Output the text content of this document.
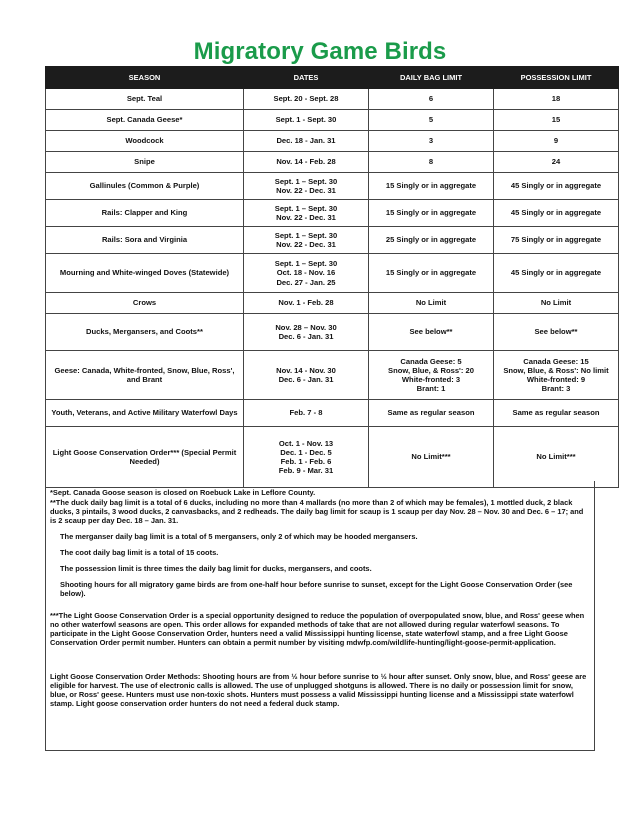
Migratory Game Birds
SEASON	DATES	DAILY BAG LIMIT	POSSESSION LIMIT
Sept. Teal	Sept. 20 - Sept. 28	6	18

Sept. Canada Geese*	Sept. 1 - Sept. 30	5	15

Woodcock	Dec. 18 - Jan. 31	3	9

Snipe	Nov. 14 - Feb. 28	8	24

Gallinules (Common & Purple)	Sept. 1 – Sept. 30
Nov. 22 - Dec. 31	15 Singly or in aggregate	45 Singly or in aggregate

Rails: Clapper and King	Sept. 1 – Sept. 30
Nov. 22 - Dec. 31	15 Singly or in aggregate	45 Singly or in aggregate

Rails: Sora and Virginia	Sept. 1 – Sept. 30
Nov. 22 - Dec. 31	25 Singly or in aggregate	75 Singly or in aggregate

Mourning and White-winged Doves (Statewide)	Sept. 1 – Sept. 30
Oct. 18 - Nov. 16
Dec. 27 - Jan. 25	15 Singly or in aggregate	45 Singly or in aggregate

Crows	Nov. 1 - Feb. 28	No Limit	No Limit

Ducks, Mergansers, and Coots**	Nov. 28 – Nov. 30
Dec. 6 - Jan. 31	See below**	See below**

Geese: Canada, White-fronted, Snow, Blue, Ross', and Brant	Nov. 14 - Nov. 30
Dec. 6 - Jan. 31	Canada Geese: 5
Snow, Blue, & Ross': 20
White-fronted: 3
Brant: 1	Canada Geese: 15
Snow, Blue, & Ross': No limit
White-fronted: 9
Brant: 3

Youth, Veterans, and Active Military Waterfowl Days	Feb. 7 - 8	Same as regular season	Same as regular season

Light Goose Conservation Order*** (Special Permit Needed)	Oct. 1 - Nov. 13
Dec. 1 - Dec. 5
Feb. 1 - Feb. 6
Feb. 9 - Mar. 31	No Limit***	No Limit***

*Sept. Canada Goose season is closed on Roebuck Lake in Leflore County.

**The duck daily bag limit is a total of 6 ducks, including no more than 4 mallards (no more than 2 of which may be females), 1 mottled duck, 2 black ducks, 3 pintails, 3 wood ducks, 2 canvasbacks, and 2 redheads. The daily bag limit for scaup is 1 scaup per day Nov. 28 – Nov. 30 and Dec. 6 – 17; and is 2 scaup per day Dec. 18 – Jan. 31.

The merganser daily bag limit is a total of 5 mergansers, only 2 of which may be hooded mergansers.

The coot daily bag limit is a total of 15 coots.

The possession limit is three times the daily bag limit for ducks, mergansers, and coots.

Shooting hours for all migratory game birds are from one-half hour before sunrise to sunset, except for the Light Goose Conservation Order (see below).

***The Light Goose Conservation Order is a special opportunity designed to reduce the population of overpopulated snow, blue, and Ross' geese when no other waterfowl seasons are open. This order allows for expanded methods of take that are not allowed during regular waterfowl seasons. To participate in the Light Goose Conservation Order, hunters need a valid Mississippi hunting license, state waterfowl stamp, and a free Light Goose Conservation Order permit number. Hunters can obtain a permit number by visiting mdwfp.com/wildlife-hunting/light-goose-permit-application.

Light Goose Conservation Order Methods: Shooting hours are from ½ hour before sunrise to ½ hour after sunset. Only snow, blue, and Ross' geese are eligible for harvest. The use of electronic calls is allowed. The use of unplugged shotguns is allowed. There is no daily or possession limit for snow, blue, or Ross' geese. Hunters must use non-toxic shots. Hunters must possess a valid Mississippi hunting license and a Mississippi state waterfowl stamp. Light goose conservation order hunters do not need a federal duck stamp.
